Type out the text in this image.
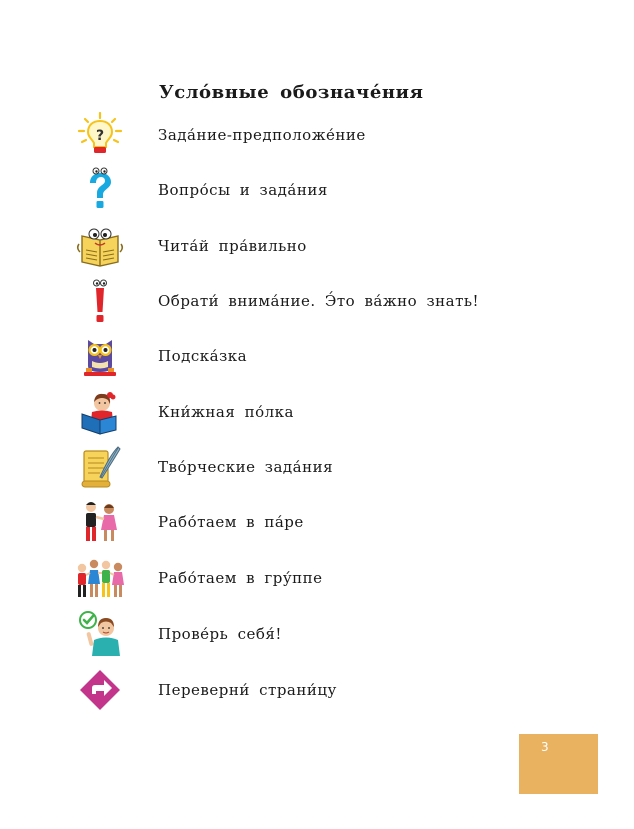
Усло́вные обозначе́ния
?	Зада́ние-предположе́ние
Вопро́сы и зада́ния
Чита́й пра́вильно
Обрати́ внима́ние. Э́то ва́жно знать!
Подска́зка
Кни́жная по́лка
Тво́рческие зада́ния
Рабо́таем в па́ре
Рабо́таем в гру́ппе
Прове́рь себя́!
Переверни́ страни́цу
3
